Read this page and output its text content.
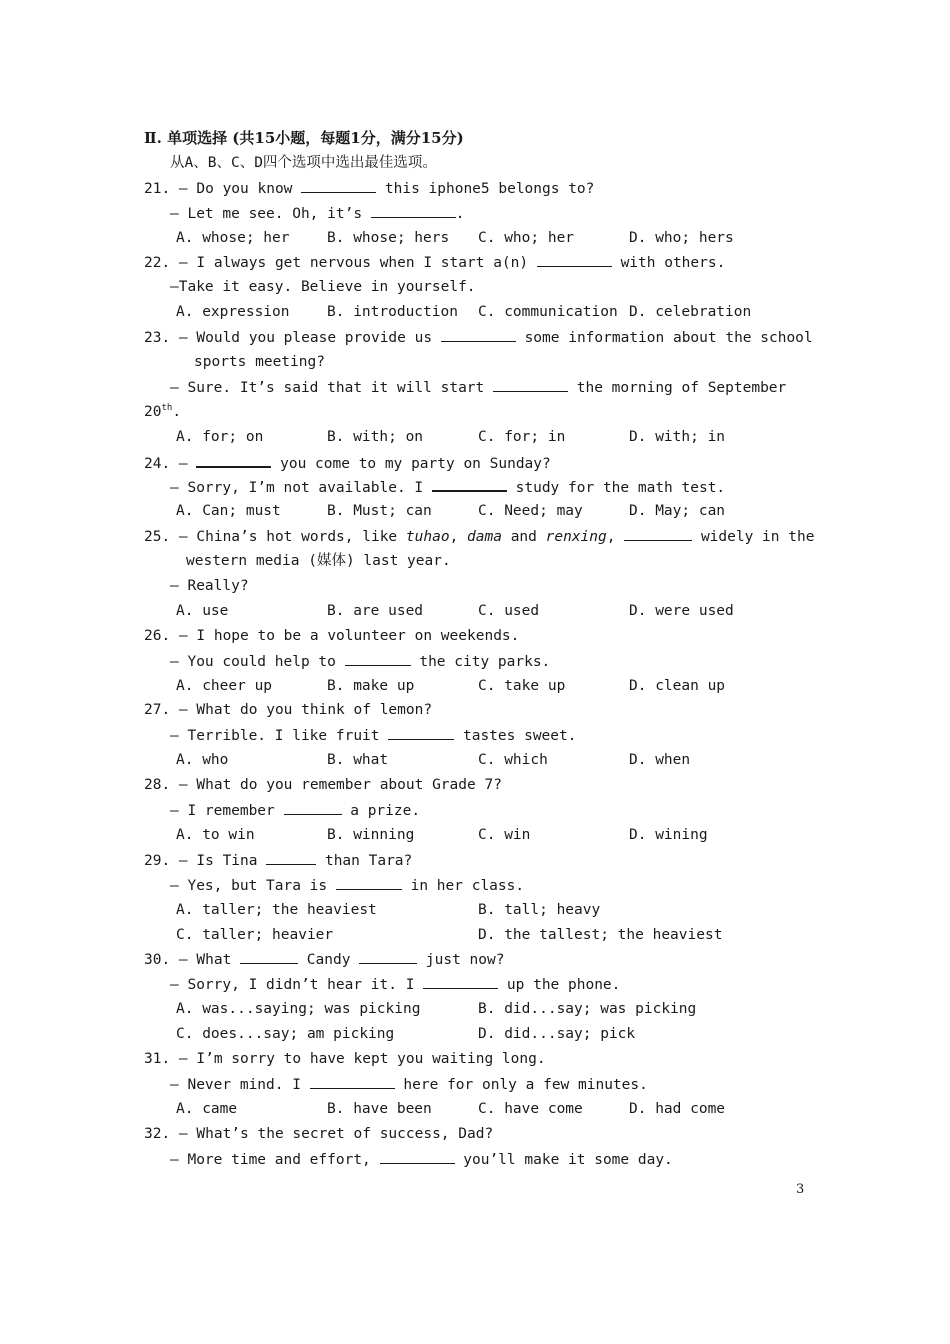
Ⅱ. 单项选择 (共15小题，每题1分，满分15分)
从A、B、C、D四个选项中选出最佳选项。
21. — Do you know	this iphone5 belongs to?
— Let me see. Oh, it’s	.
A. whose; her	B. whose; hers	C. who; her	D. who; hers
22. — I always get nervous when I start a(n)	with others.
—Take it easy. Believe in yourself.
A. expression	B. introduction	C. communication D. celebration
23. — Would you please provide us	some information about the school
sports meeting?
— Sure. It’s said that it will start	the morning of September
20th.
A. for; on	B. with; on	C. for; in	D. with; in
24. —	you come to my party on Sunday?
— Sorry, I’m not available. I	study for the math test.
A. Can; must	B. Must; can	C. Need; may	D. May; can
25. — China’s hot words, like tuhao, dama and renxing,	widely in the
western media (媒体) last year.
— Really?
A. use	B. are used	C. used	D. were used
26. — I hope to be a volunteer on weekends.
— You could help to	the city parks.
A. cheer up	B. make up	C. take up	D. clean up
27. — What do you think of lemon?
— Terrible. I like fruit	tastes sweet.
A. who	B. what	C. which	D. when
28. — What do you remember about Grade 7?
— I remember	a prize.
A. to win	B. winning	C. win	D. wining
29. — Is Tina	than Tara?
— Yes, but Tara is	in her class.
A. taller; the heaviest	B. tall; heavy
C. taller; heavier	D. the tallest; the heaviest
30. — What	Candy	just now?
— Sorry, I didn’t hear it. I	up the phone.
A. was...saying; was picking	B. did...say; was picking
C. does...say; am picking	D. did...say; pick
31. — I’m sorry to have kept you waiting long.
— Never mind. I	here for only a few minutes.
A. came	B. have been	C. have come	D. had come
32. — What’s the secret of success, Dad?
— More time and effort,	you’ll make it some day.
3
